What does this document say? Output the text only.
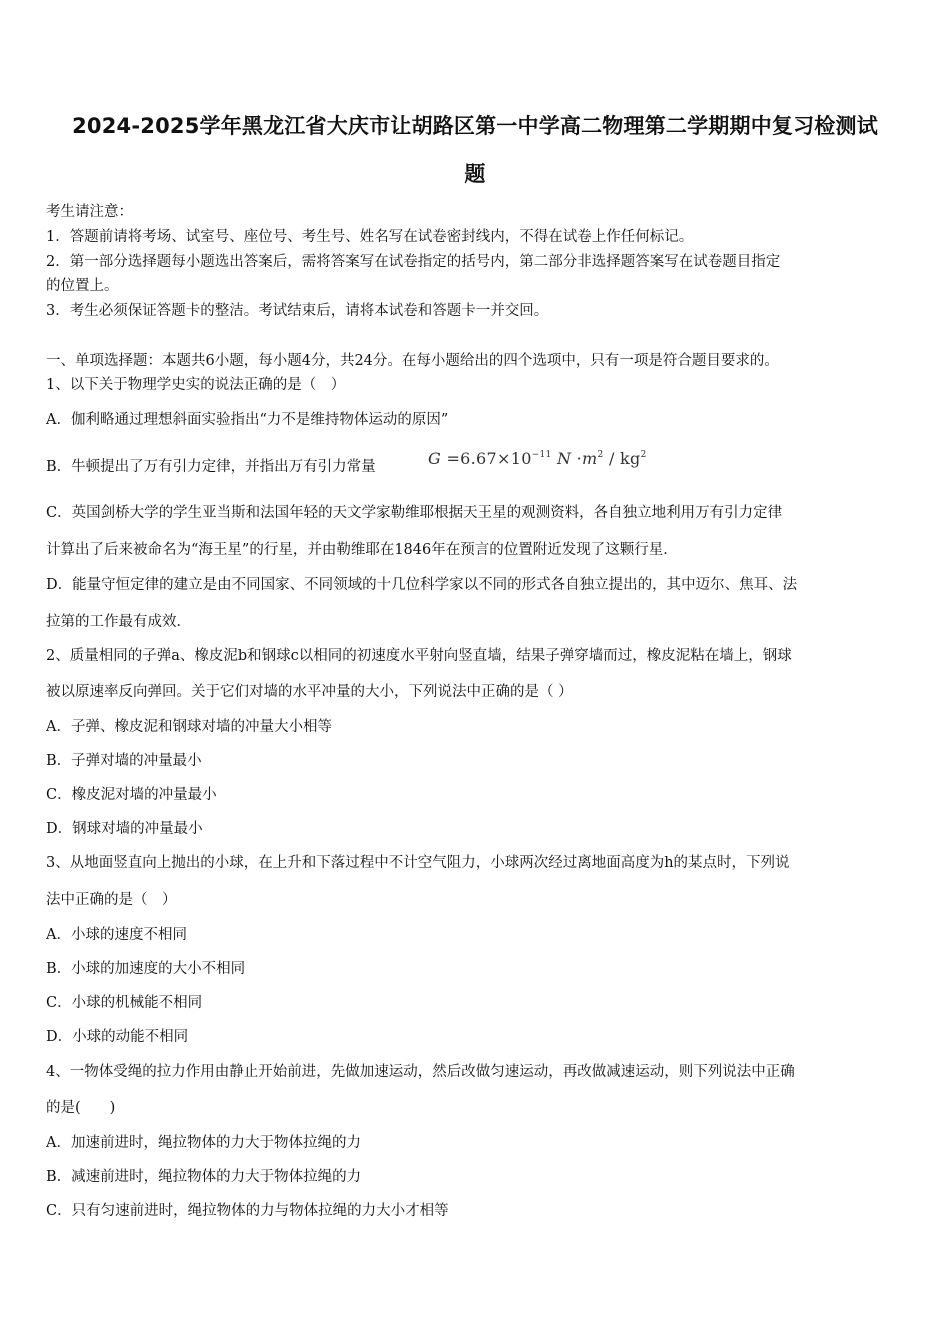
2024-2025学年黑龙江省大庆市让胡路区第一中学高二物理第二学期期中复习检测试
题
考生请注意：
1．答题前请将考场、试室号、座位号、考生号、姓名写在试卷密封线内，不得在试卷上作任何标记。
2．第一部分选择题每小题选出答案后，需将答案写在试卷指定的括号内，第二部分非选择题答案写在试卷题目指定
的位置上。
3．考生必须保证答题卡的整洁。考试结束后，请将本试卷和答题卡一并交回。
一、单项选择题：本题共6小题，每小题4分，共24分。在每小题给出的四个选项中，只有一项是符合题目要求的。
1、以下关于物理学史实的说法正确的是（　）
A．伽利略通过理想斜面实验指出“力不是维持物体运动的原因”
B．牛顿提出了万有引力定律，并指出万有引力常量	$G =6.67\times 10^{-11}$ $N \cdot m^2 / kg^2$
C．英国剑桥大学的学生亚当斯和法国年轻的天文学家勒维耶根据天王星的观测资料，各自独立地利用万有引力定律
计算出了后来被命名为“海王星”的行星，并由勒维耶在1846年在预言的位置附近发现了这颗行星．
D．能量守恒定律的建立是由不同国家、不同领域的十几位科学家以不同的形式各自独立提出的，其中迈尔、焦耳、法
拉第的工作最有成效．
2、质量相同的子弹a、橡皮泥b和钢球c以相同的初速度水平射向竖直墙，结果子弹穿墙而过，橡皮泥粘在墙上，钢球
被以原速率反向弹回。关于它们对墙的水平冲量的大小，下列说法中正确的是（ ）
A．子弹、橡皮泥和钢球对墙的冲量大小相等
B．子弹对墙的冲量最小
C．橡皮泥对墙的冲量最小
D．钢球对墙的冲量最小
3、从地面竖直向上抛出的小球，在上升和下落过程中不计空气阻力，小球两次经过离地面高度为h的某点时，下列说
法中正确的是（　）
A．小球的速度不相同
B．小球的加速度的大小不相同
C．小球的机械能不相同
D．小球的动能不相同
4、一物体受绳的拉力作用由静止开始前进，先做加速运动，然后改做匀速运动，再改做减速运动，则下列说法中正确
的是(　　)
A．加速前进时，绳拉物体的力大于物体拉绳的力
B．减速前进时，绳拉物体的力大于物体拉绳的力
C．只有匀速前进时，绳拉物体的力与物体拉绳的力大小才相等
